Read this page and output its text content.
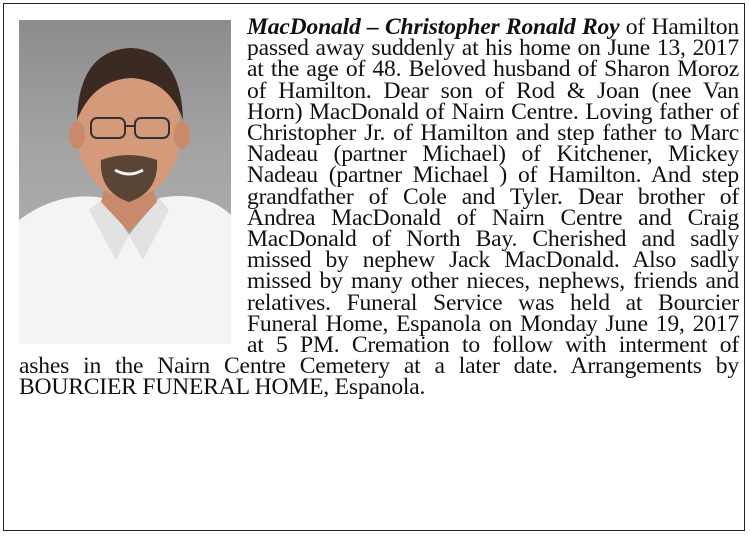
MacDonald – Christopher Ronald Roy of Hamilton passed away suddenly at his home on June 13, 2017 at the age of 48. Beloved husband of Sharon Moroz of Hamilton. Dear son of Rod & Joan (nee Van Horn) MacDonald of Nairn Centre. Loving father of Christopher Jr. of Hamilton and step father to Marc Nadeau (partner Michael) of Kitchener, Mickey Nadeau (partner Michael ) of Hamilton. And step grandfather of Cole and Tyler. Dear brother of Andrea MacDonald of Nairn Centre and Craig MacDonald of North Bay. Cherished and sadly missed by nephew Jack MacDonald. Also sadly missed by many other nieces, nephews, friends and relatives. Funeral Service was held at Bourcier Funeral Home, Espanola on Monday June 19, 2017 at 5 PM. Cremation to follow with interment of ashes in the Nairn Centre Cemetery at a later date. Arrangements by BOURCIER FUNERAL HOME, Espanola.
